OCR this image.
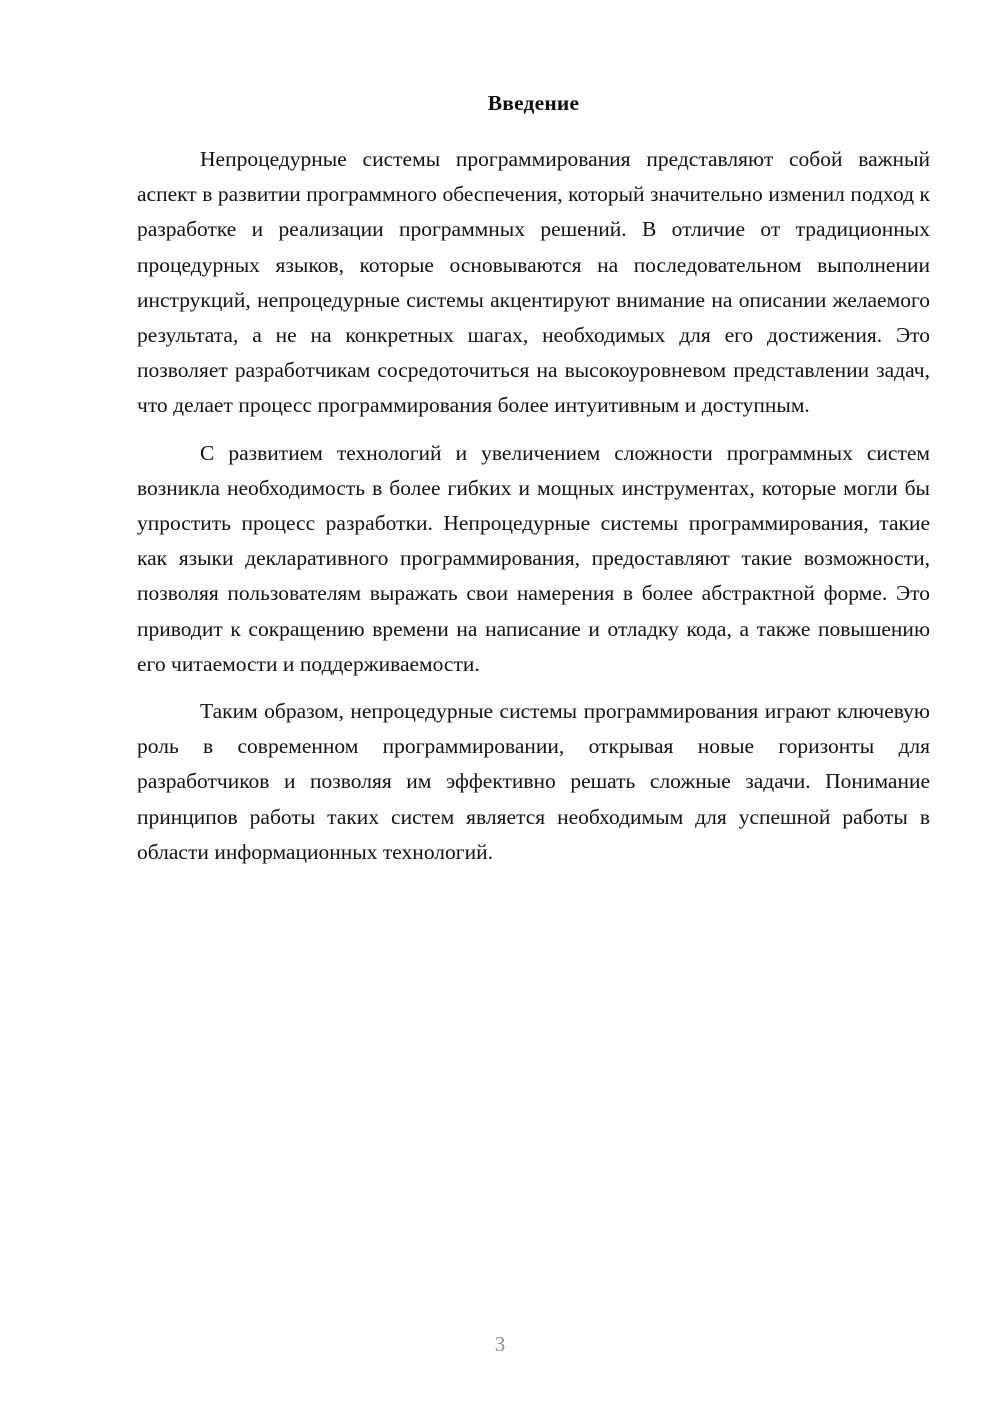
Введение

Непроцедурные системы программирования представляют собой важный аспект в развитии программного обеспечения, который значительно изменил подход к разработке и реализации программных решений. В отличие от традиционных процедурных языков, которые основываются на последовательном выполнении инструкций, непроцедурные системы акцентируют внимание на описании желаемого результата, а не на конкретных шагах, необходимых для его достижения. Это позволяет разработчикам сосредоточиться на высокоуровневом представлении задач, что делает процесс программирования более интуитивным и доступным.

С развитием технологий и увеличением сложности программных систем возникла необходимость в более гибких и мощных инструментах, которые могли бы упростить процесс разработки. Непроцедурные системы программирования, такие как языки декларативного программирования, предоставляют такие возможности, позволяя пользователям выражать свои намерения в более абстрактной форме. Это приводит к сокращению времени на написание и отладку кода, а также повышению его читаемости и поддерживаемости.

Таким образом, непроцедурные системы программирования играют ключевую роль в современном программировании, открывая новые горизонты для разработчиков и позволяя им эффективно решать сложные задачи. Понимание принципов работы таких систем является необходимым для успешной работы в области информационных технологий.

3
